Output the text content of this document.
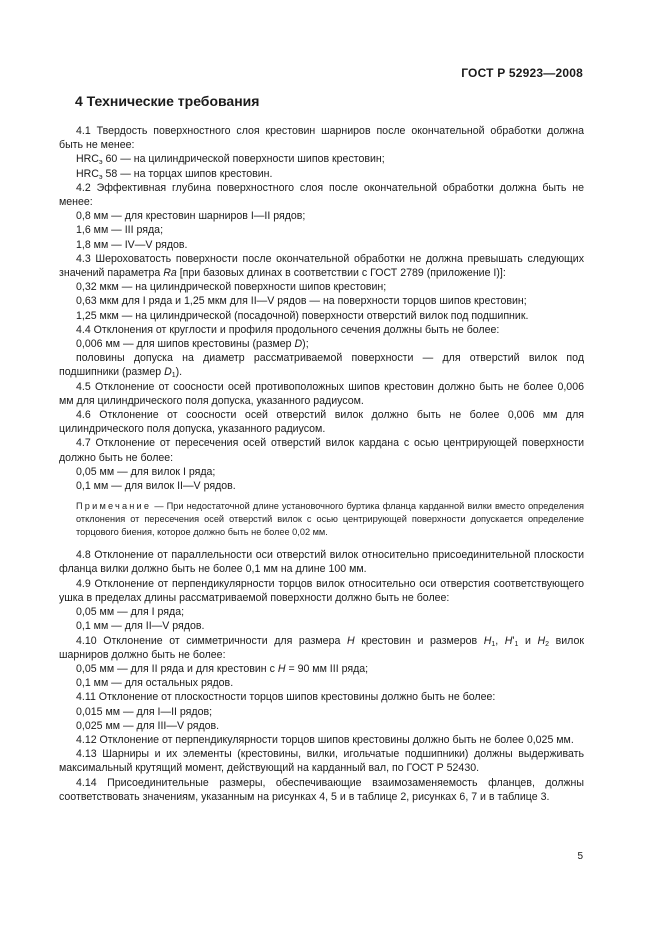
ГОСТ Р 52923—2008
4 Технические требования

4.1 Твердость поверхностного слоя крестовин шарниров после окончательной обработки должна быть не менее:

$HRC_э$ 60 — на цилиндрической поверхности шипов крестовин;

$HRC_э$ 58 — на торцах шипов крестовин.

4.2 Эффективная глубина поверхностного слоя после окончательной обработки должна быть не менее:

0,8 мм — для крестовин шарниров I—II рядов;

1,6 мм — III ряда;

1,8 мм — IV—V рядов.

4.3 Шероховатость поверхности после окончательной обработки не должна превышать следующих значений параметра Ra [при базовых длинах в соответствии с ГОСТ 2789 (приложение I)]:

0,32 мкм — на цилиндрической поверхности шипов крестовин;

0,63 мкм для I ряда и 1,25 мкм для II—V рядов — на поверхности торцов шипов крестовин;

1,25 мкм — на цилиндрической (посадочной) поверхности отверстий вилок под подшипник.

4.4 Отклонения от круглости и профиля продольного сечения должны быть не более:

0,006 мм — для шипов крестовины (размер D);

половины допуска на диаметр рассматриваемой поверхности — для отверстий вилок под подшипники (размер $D_1$).

4.5 Отклонение от соосности осей противоположных шипов крестовин должно быть не более 0,006 мм для цилиндрического поля допуска, указанного радиусом.

4.6 Отклонение от соосности осей отверстий вилок должно быть не более 0,006 мм для цилиндрического поля допуска, указанного радиусом.

4.7 Отклонение от пересечения осей отверстий вилок кардана с осью центрирующей поверхности должно быть не более:

0,05 мм — для вилок I ряда;

0,1 мм — для вилок II—V рядов.

Примечание — При недостаточной длине установочного буртика фланца карданной вилки вместо определения отклонения от пересечения осей отверстий вилок с осью центрирующей поверхности допускается определение торцового биения, которое должно быть не более 0,02 мм.

4.8 Отклонение от параллельности оси отверстий вилок относительно присоединительной плоскости фланца вилки должно быть не более 0,1 мм на длине 100 мм.

4.9 Отклонение от перпендикулярности торцов вилок относительно оси отверстия соответствующего ушка в пределах длины рассматриваемой поверхности должно быть не более:

0,05 мм — для I ряда;

0,1 мм — для II—V рядов.

4.10 Отклонение от симметричности для размера H крестовин и размеров $H_1$, $H'_1$ и $H_2$ вилок шарниров должно быть не более:

0,05 мм — для II ряда и для крестовин с H = 90 мм III ряда;

0,1 мм — для остальных рядов.

4.11 Отклонение от плоскостности торцов шипов крестовины должно быть не более:

0,015 мм — для I—II рядов;

0,025 мм — для III—V рядов.

4.12 Отклонение от перпендикулярности торцов шипов крестовины должно быть не более 0,025 мм.

4.13 Шарниры и их элементы (крестовины, вилки, игольчатые подшипники) должны выдерживать максимальный крутящий момент, действующий на карданный вал, по ГОСТ Р 52430.

4.14 Присоединительные размеры, обеспечивающие взаимозаменяемость фланцев, должны соответствовать значениям, указанным на рисунках 4, 5 и в таблице 2, рисунках 6, 7 и в таблице 3.

5
